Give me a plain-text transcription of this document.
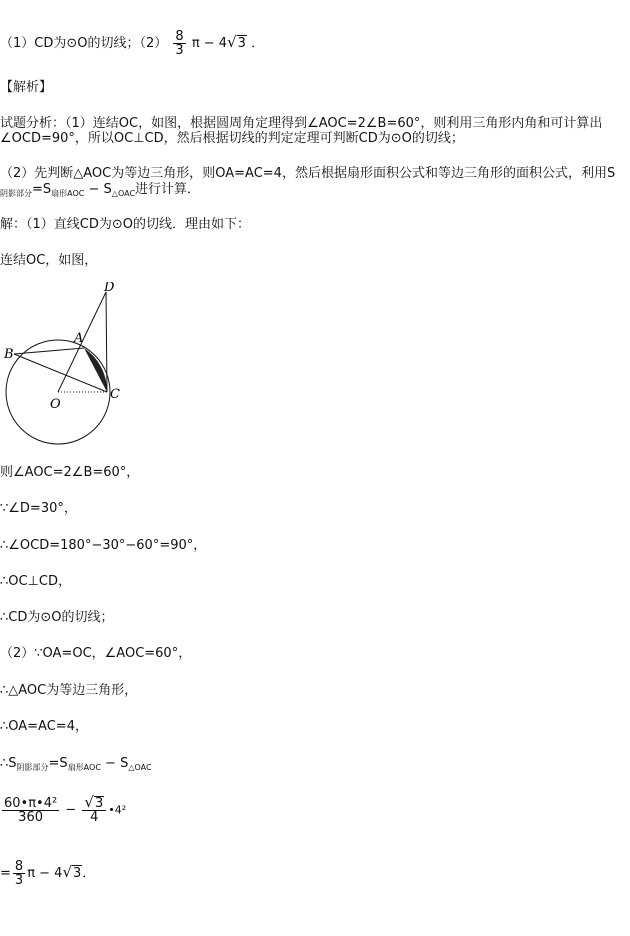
（1）CD为⊙O的切线；$(2) \frac{8}{3}$ π − 4√3 ．
【解析】
试题分析：（1）连结OC，如图，根据圆周角定理得到∠AOC=2∠B=60°，则利用三角形内角和可计算出
∠OCD=90°，所以OC⊥CD，然后根据切线的判定定理可判断CD为⊙O的切线；
（2）先判断△AOC为等边三角形，则OA=AC=4，然后根据扇形面积公式和等边三角形的面积公式，利用S
$_{阴影部分}=S_{扇形AOC} - S_{\triangle OAC}$进行计算．
解：（1）直线CD为⊙O的切线．理由如下：
连结OC，如图，
D
A
B
O
C
则∠AOC=2∠B=60°，
∵∠D=30°，
∴∠OCD=180°−30°−60°=90°，
∴OC⊥CD，
∴CD为⊙O的切线；
（2）∵OA=OC，∠AOC=60°，
∴△AOC为等边三角形，
∴OA=AC=4，
$\therefore S_{阴影部分}=S_{扇形AOC} - S_{\triangle OAC}$
$\frac{\text{60•π•4²}}{360} - \frac{√3}{4}$ •4²
= $\frac{8}{3}$ π − 4√3．
